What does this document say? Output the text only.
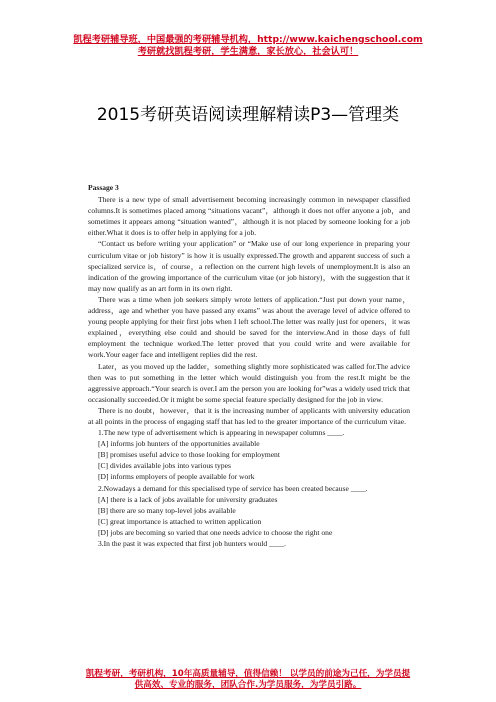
凯程考研辅导班，中国最强的考研辅导机构，http://www.kaichengschool.com
考研就找凯程考研，学生满意，家长放心，社会认可！
2015考研英语阅读理解精读P3—管理类

Passage 3

There is a new type of small advertisement becoming increasingly common in newspaper classified columns.It is sometimes placed among “situations vacant”，although it does not offer anyone a job，and sometimes it appears among “situation wanted”，although it is not placed by someone looking for a job either.What it does is to offer help in applying for a job.

“Contact us before writing your application” or “Make use of our long experience in preparing your curriculum vitae or job history” is how it is usually expressed.The growth and apparent success of such a specialized service is，of course，a reflection on the current high levels of unemployment.It is also an indication of the growing importance of the curriculum vitae (or job history)，with the suggestion that it may now qualify as an art form in its own right.

There was a time when job seekers simply wrote letters of application.“Just put down your name，address，age and whether you have passed any exams” was about the average level of advice offered to young people applying for their first jobs when I left school.The letter was really just for openers，it was explained，everything else could and should be saved for the interview.And in those days of full employment the technique worked.The letter proved that you could write and were available for work.Your eager face and intelligent replies did the rest.

Later，as you moved up the ladder，something slightly more sophisticated was called for.The advice then was to put something in the letter which would distinguish you from the rest.It might be the aggressive approach.“Your search is over.I am the person you are looking for”was a widely used trick that occasionally succeeded.Or it might be some special feature specially designed for the job in view.

There is no doubt，however，that it is the increasing number of applicants with university education at all points in the process of engaging staff that has led to the greater importance of the curriculum vitae.

1.The new type of advertisement which is appearing in newspaper columns ____.

[A] informs job hunters of the opportunities available

[B] promises useful advice to those looking for employment

[C] divides available jobs into various types

[D] informs employers of people available for work

2.Nowadays a demand for this specialised type of service has been created because ____.

[A] there is a lack of jobs available for university graduates

[B] there are so many top-level jobs available

[C] great importance is attached to written application

[D] jobs are becoming so varied that one needs advice to choose the right one

3.In the past it was expected that first job hunters would ____.

凯程考研，考研机构，10年高质量辅导，值得信赖！ 以学员的前途为己任，为学员提
供高效、专业的服务，团队合作.为学员服务，为学员引路。
